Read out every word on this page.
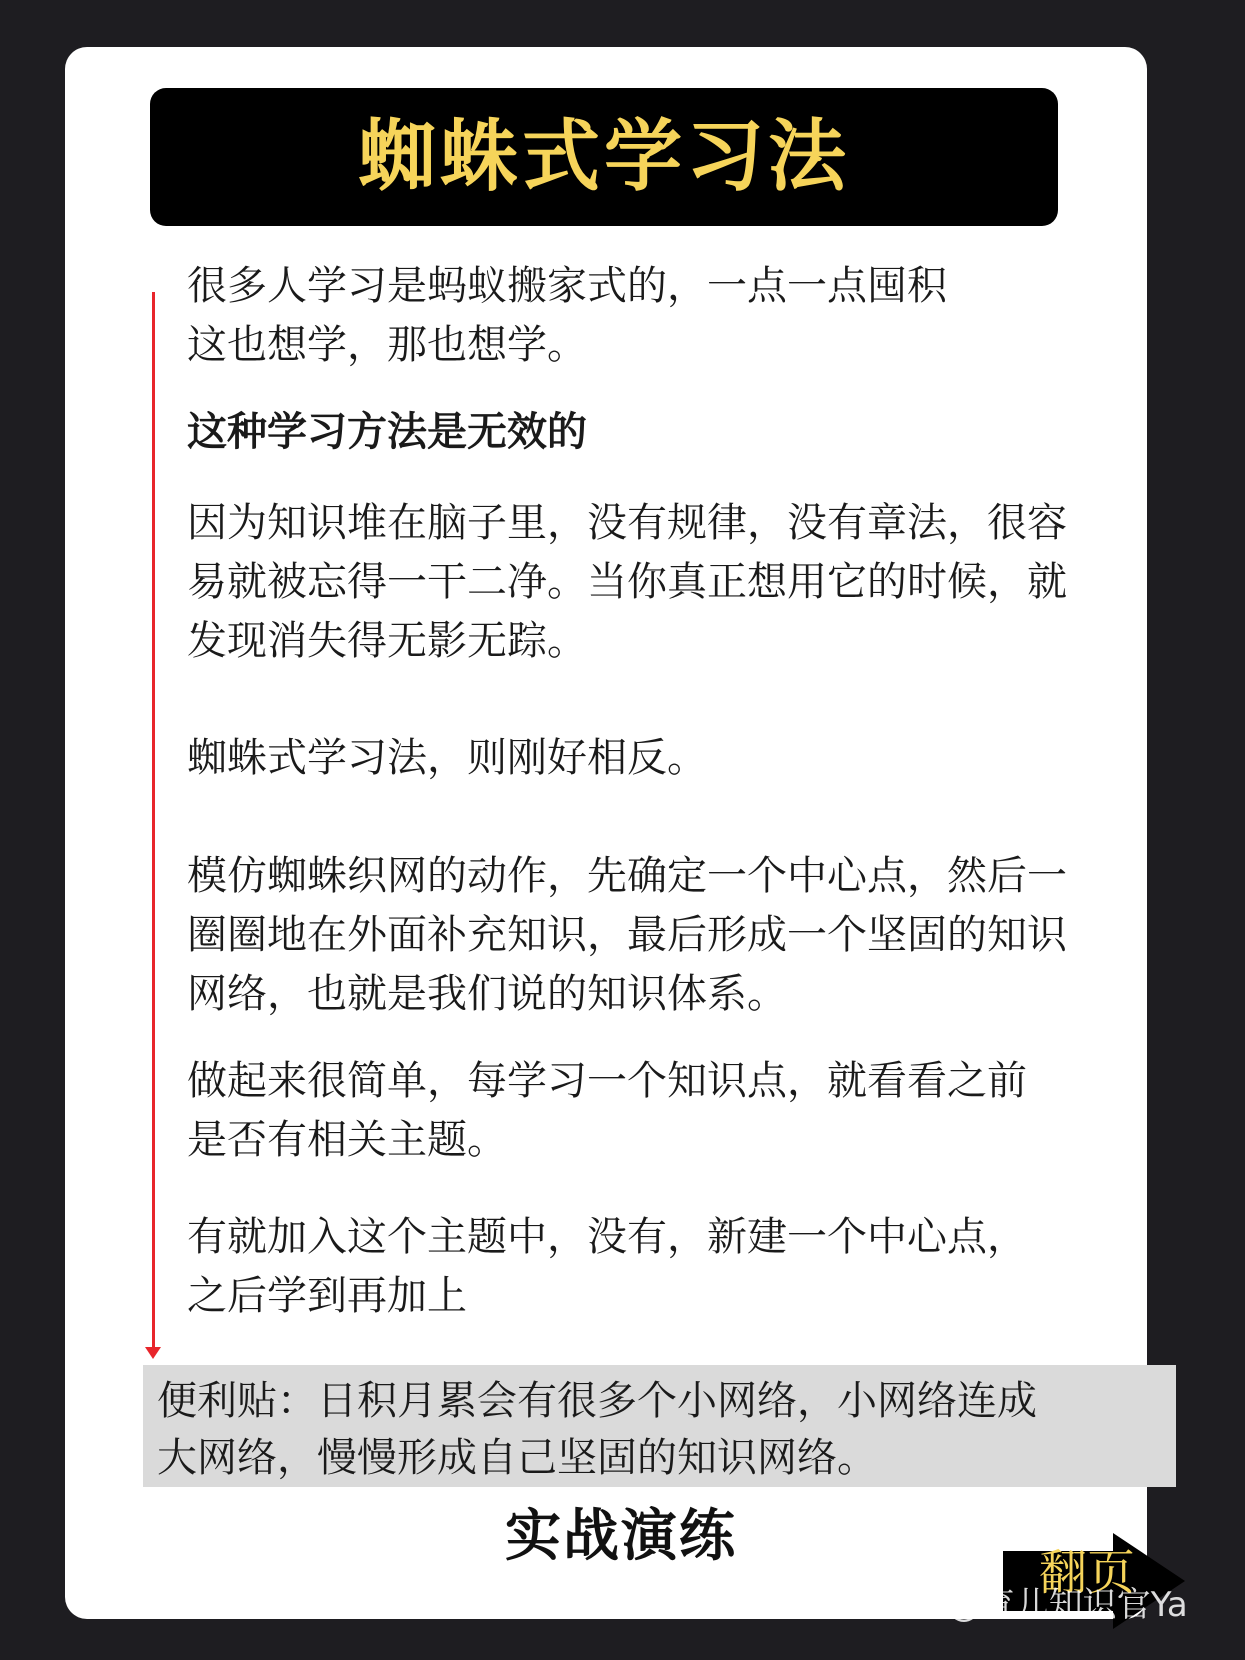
蜘蛛式学习法

很多人学习是蚂蚁搬家式的，一点一点囤积
这也想学，那也想学。

这种学习方法是无效的

因为知识堆在脑子里，没有规律，没有章法，很容
易就被忘得一干二净。当你真正想用它的时候，就
发现消失得无影无踪。

蜘蛛式学习法，则刚好相反。

模仿蜘蛛织网的动作，先确定一个中心点，然后一
圈圈地在外面补充知识，最后形成一个坚固的知识
网络，也就是我们说的知识体系。

做起来很简单，每学习一个知识点，就看看之前
是否有相关主题。

有就加入这个主题中，没有，新建一个中心点，
之后学到再加上

便利贴：日积月累会有很多个小网络，小网络连成
大网络，慢慢形成自己坚固的知识网络。
实战演练
翻页
知乎 @育儿知识官Ya
